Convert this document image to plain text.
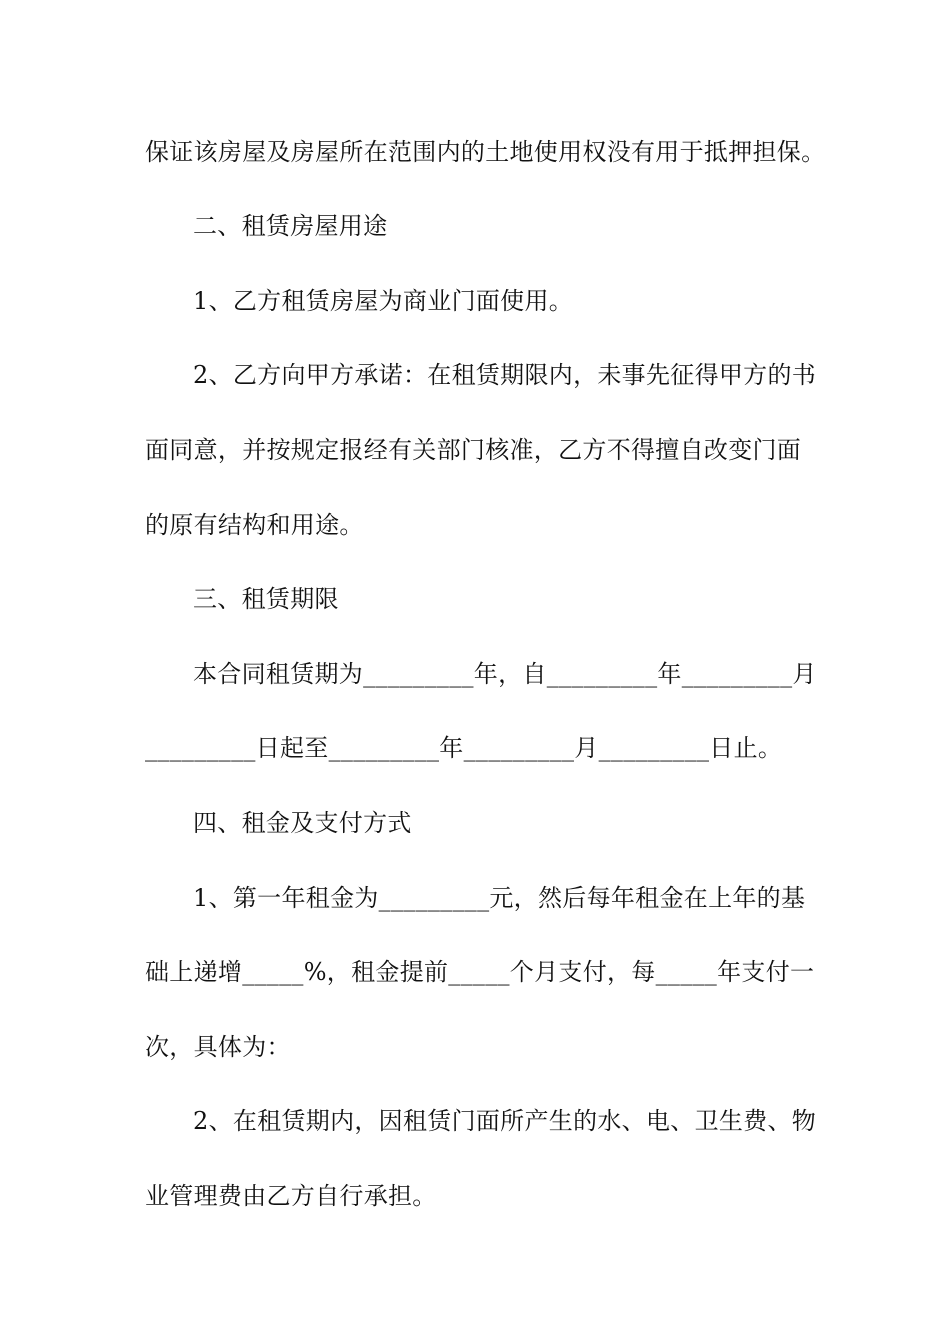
保证该房屋及房屋所在范围内的土地使用权没有用于抵押担保。
二、租赁房屋用途
1、乙方租赁房屋为商业门面使用。
2、乙方向甲方承诺：在租赁期限内，未事先征得甲方的书
面同意，并按规定报经有关部门核准，乙方不得擅自改变门面
的原有结构和用途。
三、租赁期限
本合同租赁期为_________年，自_________年_________月
_________日起至_________年_________月_________日止。
四、租金及支付方式
1、第一年租金为_________元，然后每年租金在上年的基
础上递增_____%，租金提前_____个月支付，每_____年支付一
次，具体为：
2、在租赁期内，因租赁门面所产生的水、电、卫生费、物
业管理费由乙方自行承担。
